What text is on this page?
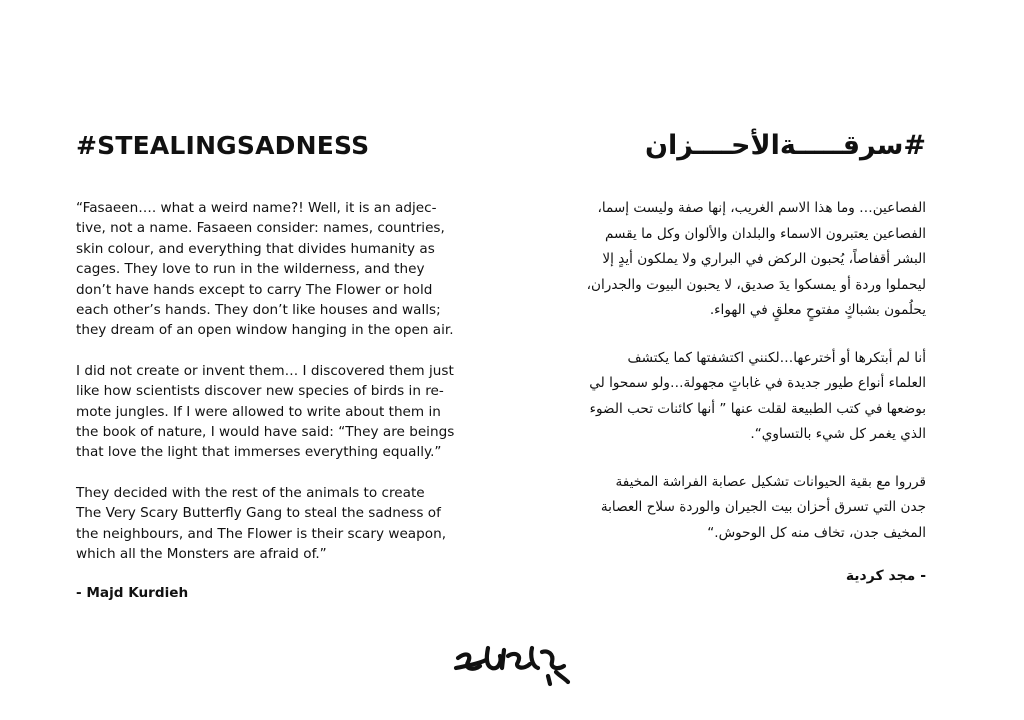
#STEALINGSADNESS

“Fasaeen…. what a weird name?! Well, it is an adjec-
tive, not a name. Fasaeen consider: names, countries,
skin colour, and everything that divides humanity as
cages. They love to run in the wilderness, and they
don’t have hands except to carry The Flower or hold
each other’s hands. They don’t like houses and walls;
they dream of an open window hanging in the open air.

I did not create or invent them… I discovered them just
like how scientists discover new species of birds in re-
mote jungles. If I were allowed to write about them in
the book of nature, I would have said: “They are beings
that love the light that immerses everything equally.”

They decided with the rest of the animals to create
The Very Scary Butterfly Gang to steal the sadness of
the neighbours, and The Flower is their scary weapon,
which all the Monsters are afraid of.”

- Majd Kurdieh
#سرقـــــةالأحــــزان

الفصاعين… وما هذا الاسم الغريب، إنها صفة وليست إسما،
الفصاعين يعتبرون الاسماء والبلدان والألوان وكل ما يقسم
البشر أقفاصاً، يُحبون الركض في البراري ولا يملكون أيدٍ إلا
ليحملوا وردة أو يمسكوا يدَ صديق، لا يحبون البيوت والجدران،
يحلُمون بشباكٍ مفتوحٍ معلقٍ في الهواء.

أنا لم أبتكرها أو أخترعها…لكنني اكتشفتها كما يكتشف
العلماء أنواع طيور جديدة في غاباتٍ مجهولة…ولو سمحوا لي
بوضعها في كتب الطبيعة لقلت عنها ” أنها كائنات تحب الضوء
الذي يغمر كل شيء بالتساوي“.

قرروا مع بقية الحيوانات تشكيل عصابة الفراشة المخيفة
جدن التي تسرق أحزان بيت الجيران والوردة سلاح العصابة
المخيف جدن، تخاف منه كل الوحوش.“

- مجد كردية
